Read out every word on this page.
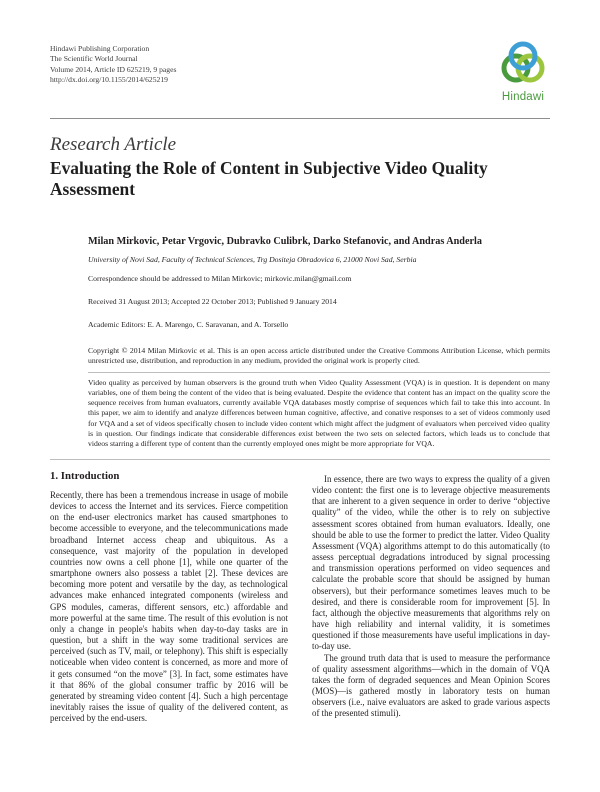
Hindawi Publishing Corporation
The Scientific World Journal
Volume 2014, Article ID 625219, 9 pages
http://dx.doi.org/10.1155/2014/625219
Hindawi
Research Article
Evaluating the Role of Content in Subjective Video Quality Assessment
Milan Mirkovic, Petar Vrgovic, Dubravko Culibrk, Darko Stefanovic, and Andras Anderla
University of Novi Sad, Faculty of Technical Sciences, Trg Dositeja Obradovica 6, 21000 Novi Sad, Serbia
Correspondence should be addressed to Milan Mirkovic; mirkovic.milan@gmail.com
Received 31 August 2013; Accepted 22 October 2013; Published 9 January 2014
Academic Editors: E. A. Marengo, C. Saravanan, and A. Torsello
Copyright © 2014 Milan Mirkovic et al. This is an open access article distributed under the Creative Commons Attribution License, which permits unrestricted use, distribution, and reproduction in any medium, provided the original work is properly cited.
Video quality as perceived by human observers is the ground truth when Video Quality Assessment (VQA) is in question. It is dependent on many variables, one of them being the content of the video that is being evaluated. Despite the evidence that content has an impact on the quality score the sequence receives from human evaluators, currently available VQA databases mostly comprise of sequences which fail to take this into account. In this paper, we aim to identify and analyze differences between human cognitive, affective, and conative responses to a set of videos commonly used for VQA and a set of videos specifically chosen to include video content which might affect the judgment of evaluators when perceived video quality is in question. Our findings indicate that considerable differences exist between the two sets on selected factors, which leads us to conclude that videos starring a different type of content than the currently employed ones might be more appropriate for VQA.
1. Introduction

Recently, there has been a tremendous increase in usage of mobile devices to access the Internet and its services. Fierce competition on the end-user electronics market has caused smartphones to become accessible to everyone, and the telecommunications made broadband Internet access cheap and ubiquitous. As a consequence, vast majority of the population in developed countries now owns a cell phone [1], while one quarter of the smartphone owners also possess a tablet [2]. These devices are becoming more potent and versatile by the day, as technological advances make enhanced integrated components (wireless and GPS modules, cameras, different sensors, etc.) affordable and more powerful at the same time. The result of this evolution is not only a change in people's habits when day-to-day tasks are in question, but a shift in the way some traditional services are perceived (such as TV, mail, or telephony). This shift is especially noticeable when video content is concerned, as more and more of it gets consumed “on the move” [3]. In fact, some estimates have it that 86% of the global consumer traffic by 2016 will be generated by streaming video content [4]. Such a high percentage inevitably raises the issue of quality of the delivered content, as perceived by the end-users.

In essence, there are two ways to express the quality of a given video content: the first one is to leverage objective measurements that are inherent to a given sequence in order to derive “objective quality” of the video, while the other is to rely on subjective assessment scores obtained from human evaluators. Ideally, one should be able to use the former to predict the latter. Video Quality Assessment (VQA) algorithms attempt to do this automatically (to assess perceptual degradations introduced by signal processing and transmission operations performed on video sequences and calculate the probable score that should be assigned by human observers), but their performance sometimes leaves much to be desired, and there is considerable room for improvement [5]. In fact, although the objective measurements that algorithms rely on have high reliability and internal validity, it is sometimes questioned if those measurements have useful implications in day-to-day use.

The ground truth data that is used to measure the performance of quality assessment algorithms—which in the domain of VQA takes the form of degraded sequences and Mean Opinion Scores (MOS)—is gathered mostly in laboratory tests on human observers (i.e., naive evaluators are asked to grade various aspects of the presented stimuli).
